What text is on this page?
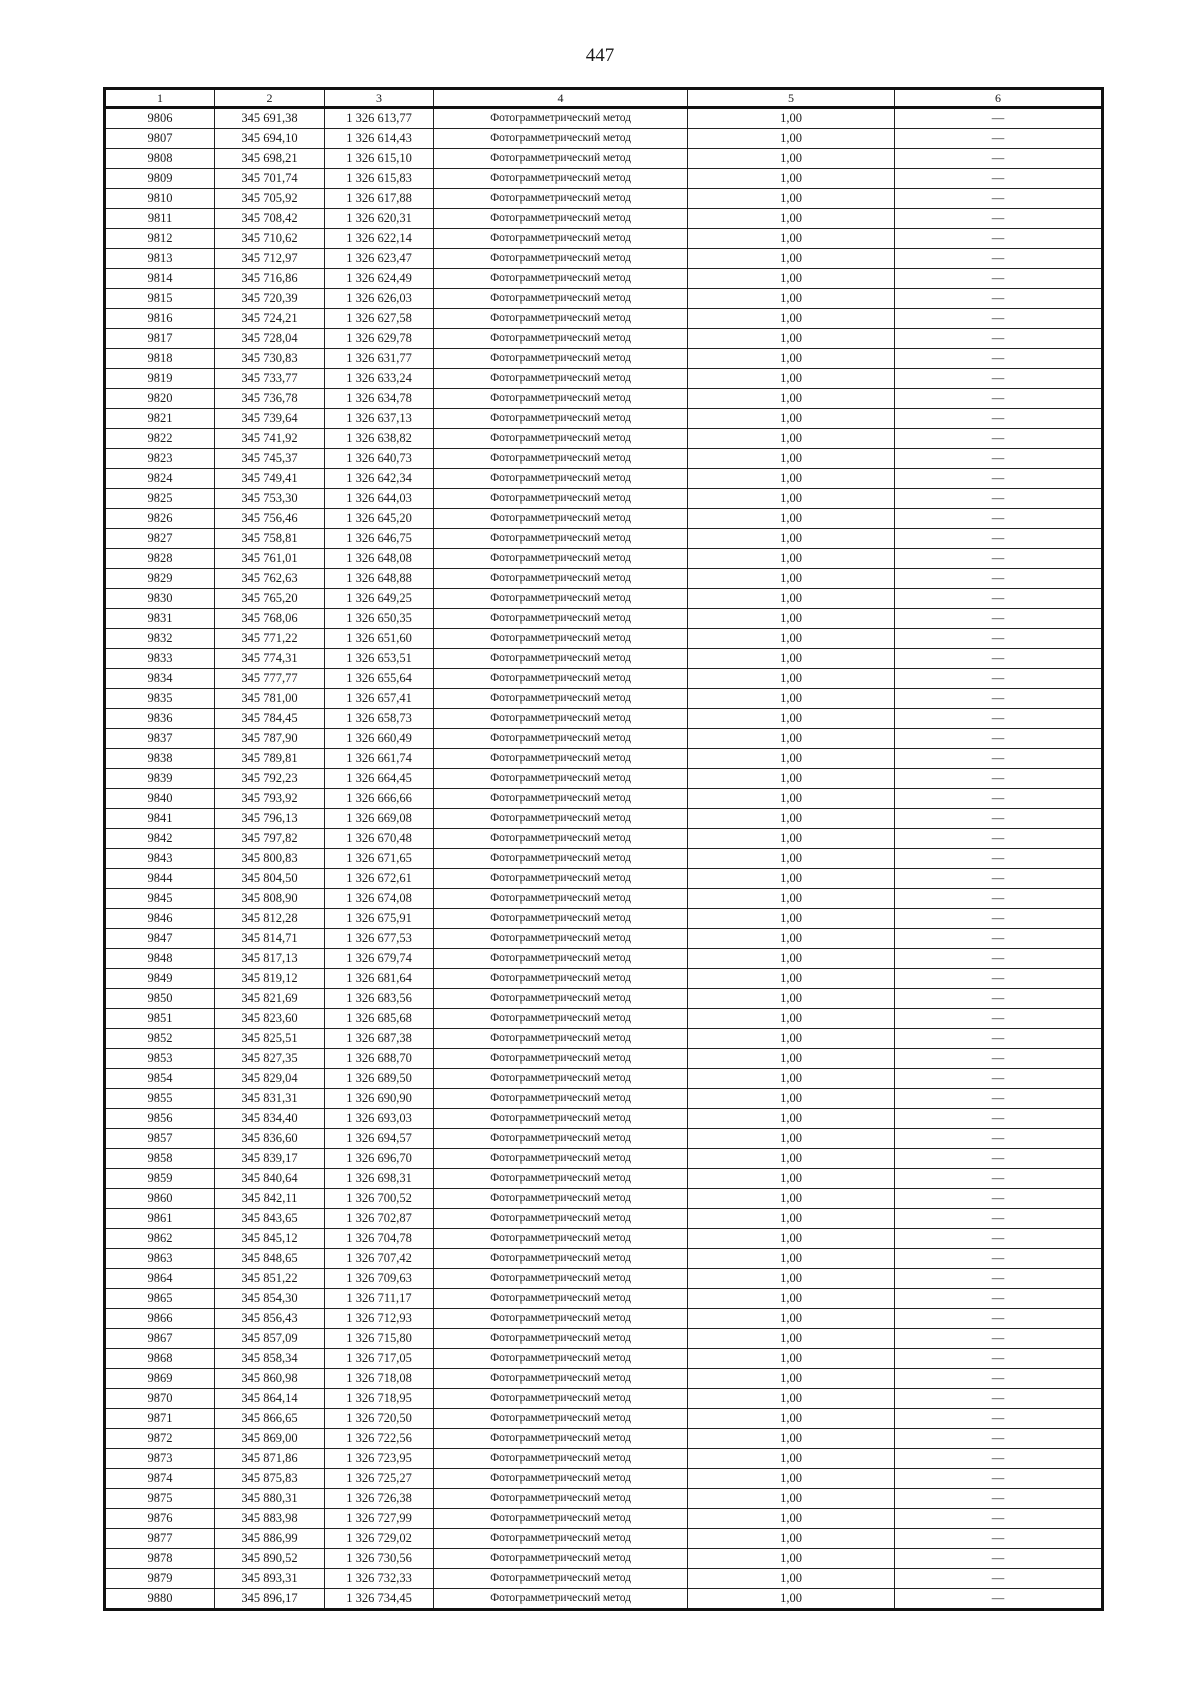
447
1	2	3	4	5	6
9806	345 691,38	1 326 613,77	Фотограмметрический метод	1,00	—
9807	345 694,10	1 326 614,43	Фотограмметрический метод	1,00	—
9808	345 698,21	1 326 615,10	Фотограмметрический метод	1,00	—
9809	345 701,74	1 326 615,83	Фотограмметрический метод	1,00	—
9810	345 705,92	1 326 617,88	Фотограмметрический метод	1,00	—
9811	345 708,42	1 326 620,31	Фотограмметрический метод	1,00	—
9812	345 710,62	1 326 622,14	Фотограмметрический метод	1,00	—
9813	345 712,97	1 326 623,47	Фотограмметрический метод	1,00	—
9814	345 716,86	1 326 624,49	Фотограмметрический метод	1,00	—
9815	345 720,39	1 326 626,03	Фотограмметрический метод	1,00	—
9816	345 724,21	1 326 627,58	Фотограмметрический метод	1,00	—
9817	345 728,04	1 326 629,78	Фотограмметрический метод	1,00	—
9818	345 730,83	1 326 631,77	Фотограмметрический метод	1,00	—
9819	345 733,77	1 326 633,24	Фотограмметрический метод	1,00	—
9820	345 736,78	1 326 634,78	Фотограмметрический метод	1,00	—
9821	345 739,64	1 326 637,13	Фотограмметрический метод	1,00	—
9822	345 741,92	1 326 638,82	Фотограмметрический метод	1,00	—
9823	345 745,37	1 326 640,73	Фотограмметрический метод	1,00	—
9824	345 749,41	1 326 642,34	Фотограмметрический метод	1,00	—
9825	345 753,30	1 326 644,03	Фотограмметрический метод	1,00	—
9826	345 756,46	1 326 645,20	Фотограмметрический метод	1,00	—
9827	345 758,81	1 326 646,75	Фотограмметрический метод	1,00	—
9828	345 761,01	1 326 648,08	Фотограмметрический метод	1,00	—
9829	345 762,63	1 326 648,88	Фотограмметрический метод	1,00	—
9830	345 765,20	1 326 649,25	Фотограмметрический метод	1,00	—
9831	345 768,06	1 326 650,35	Фотограмметрический метод	1,00	—
9832	345 771,22	1 326 651,60	Фотограмметрический метод	1,00	—
9833	345 774,31	1 326 653,51	Фотограмметрический метод	1,00	—
9834	345 777,77	1 326 655,64	Фотограмметрический метод	1,00	—
9835	345 781,00	1 326 657,41	Фотограмметрический метод	1,00	—
9836	345 784,45	1 326 658,73	Фотограмметрический метод	1,00	—
9837	345 787,90	1 326 660,49	Фотограмметрический метод	1,00	—
9838	345 789,81	1 326 661,74	Фотограмметрический метод	1,00	—
9839	345 792,23	1 326 664,45	Фотограмметрический метод	1,00	—
9840	345 793,92	1 326 666,66	Фотограмметрический метод	1,00	—
9841	345 796,13	1 326 669,08	Фотограмметрический метод	1,00	—
9842	345 797,82	1 326 670,48	Фотограмметрический метод	1,00	—
9843	345 800,83	1 326 671,65	Фотограмметрический метод	1,00	—
9844	345 804,50	1 326 672,61	Фотограмметрический метод	1,00	—
9845	345 808,90	1 326 674,08	Фотограмметрический метод	1,00	—
9846	345 812,28	1 326 675,91	Фотограмметрический метод	1,00	—
9847	345 814,71	1 326 677,53	Фотограмметрический метод	1,00	—
9848	345 817,13	1 326 679,74	Фотограмметрический метод	1,00	—
9849	345 819,12	1 326 681,64	Фотограмметрический метод	1,00	—
9850	345 821,69	1 326 683,56	Фотограмметрический метод	1,00	—
9851	345 823,60	1 326 685,68	Фотограмметрический метод	1,00	—
9852	345 825,51	1 326 687,38	Фотограмметрический метод	1,00	—
9853	345 827,35	1 326 688,70	Фотограмметрический метод	1,00	—
9854	345 829,04	1 326 689,50	Фотограмметрический метод	1,00	—
9855	345 831,31	1 326 690,90	Фотограмметрический метод	1,00	—
9856	345 834,40	1 326 693,03	Фотограмметрический метод	1,00	—
9857	345 836,60	1 326 694,57	Фотограмметрический метод	1,00	—
9858	345 839,17	1 326 696,70	Фотограмметрический метод	1,00	—
9859	345 840,64	1 326 698,31	Фотограмметрический метод	1,00	—
9860	345 842,11	1 326 700,52	Фотограмметрический метод	1,00	—
9861	345 843,65	1 326 702,87	Фотограмметрический метод	1,00	—
9862	345 845,12	1 326 704,78	Фотограмметрический метод	1,00	—
9863	345 848,65	1 326 707,42	Фотограмметрический метод	1,00	—
9864	345 851,22	1 326 709,63	Фотограмметрический метод	1,00	—
9865	345 854,30	1 326 711,17	Фотограмметрический метод	1,00	—
9866	345 856,43	1 326 712,93	Фотограмметрический метод	1,00	—
9867	345 857,09	1 326 715,80	Фотограмметрический метод	1,00	—
9868	345 858,34	1 326 717,05	Фотограмметрический метод	1,00	—
9869	345 860,98	1 326 718,08	Фотограмметрический метод	1,00	—
9870	345 864,14	1 326 718,95	Фотограмметрический метод	1,00	—
9871	345 866,65	1 326 720,50	Фотограмметрический метод	1,00	—
9872	345 869,00	1 326 722,56	Фотограмметрический метод	1,00	—
9873	345 871,86	1 326 723,95	Фотограмметрический метод	1,00	—
9874	345 875,83	1 326 725,27	Фотограмметрический метод	1,00	—
9875	345 880,31	1 326 726,38	Фотограмметрический метод	1,00	—
9876	345 883,98	1 326 727,99	Фотограмметрический метод	1,00	—
9877	345 886,99	1 326 729,02	Фотограмметрический метод	1,00	—
9878	345 890,52	1 326 730,56	Фотограмметрический метод	1,00	—
9879	345 893,31	1 326 732,33	Фотограмметрический метод	1,00	—
9880	345 896,17	1 326 734,45	Фотограмметрический метод	1,00	—
